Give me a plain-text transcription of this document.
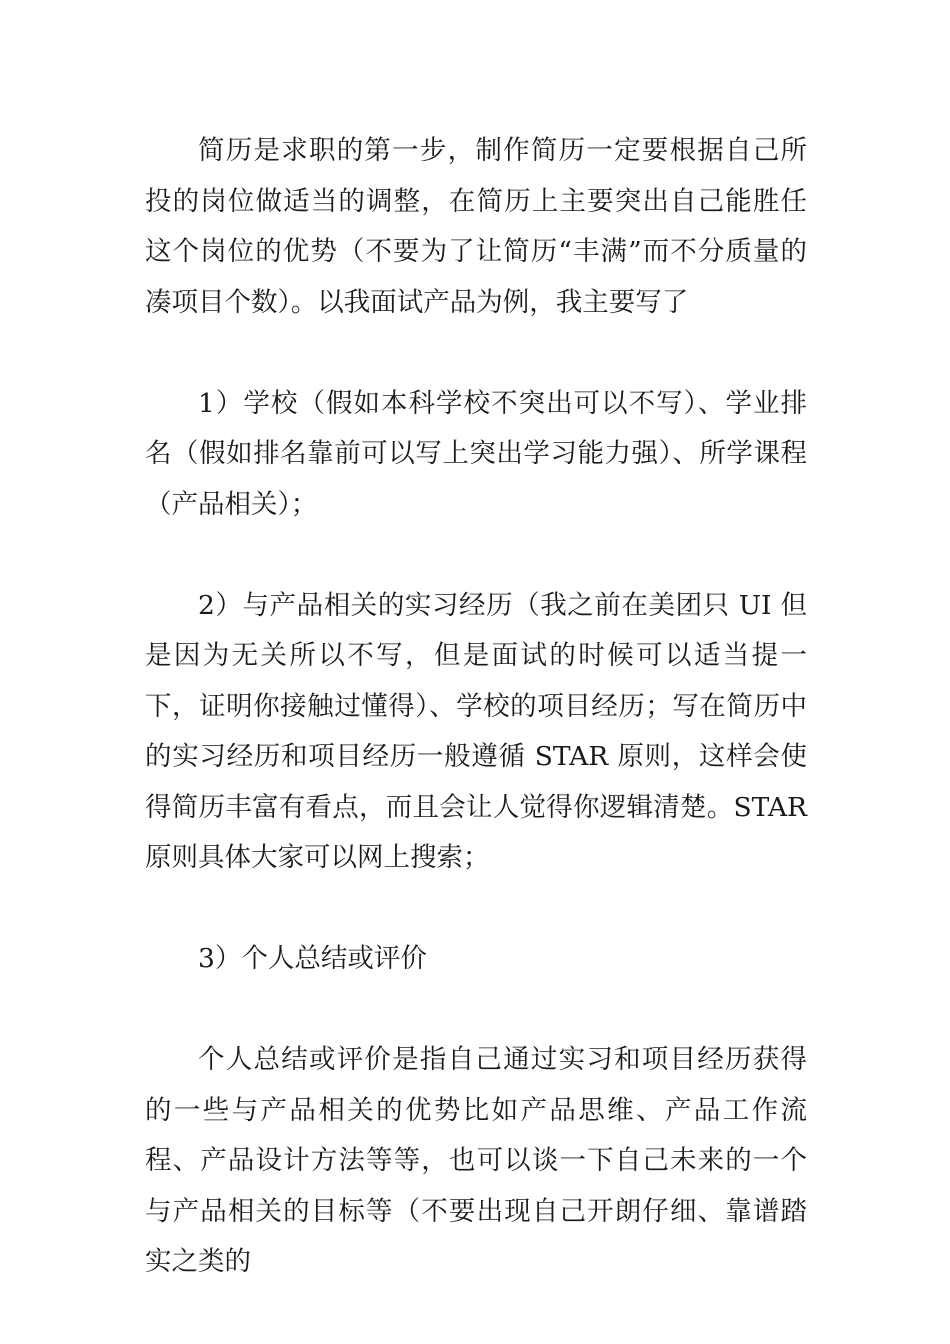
简历是求职的第一步，制作简历一定要根据自己所投的岗位做适当的调整，在简历上主要突出自己能胜任这个岗位的优势（不要为了让简历“丰满”而不分质量的凑项目个数）。以我面试产品为例，我主要写了

1）学校（假如本科学校不突出可以不写）、学业排名（假如排名靠前可以写上突出学习能力强）、所学课程（产品相关）；

2）与产品相关的实习经历（我之前在美团只 UI 但是因为无关所以不写，但是面试的时候可以适当提一下，证明你接触过懂得）、学校的项目经历；写在简历中的实习经历和项目经历一般遵循 STAR 原则，这样会使得简历丰富有看点，而且会让人觉得你逻辑清楚。STAR 原则具体大家可以网上搜索；

3）个人总结或评价

个人总结或评价是指自己通过实习和项目经历获得的一些与产品相关的优势比如产品思维、产品工作流程、产品设计方法等等，也可以谈一下自己未来的一个与产品相关的目标等（不要出现自己开朗仔细、靠谱踏实之类的
